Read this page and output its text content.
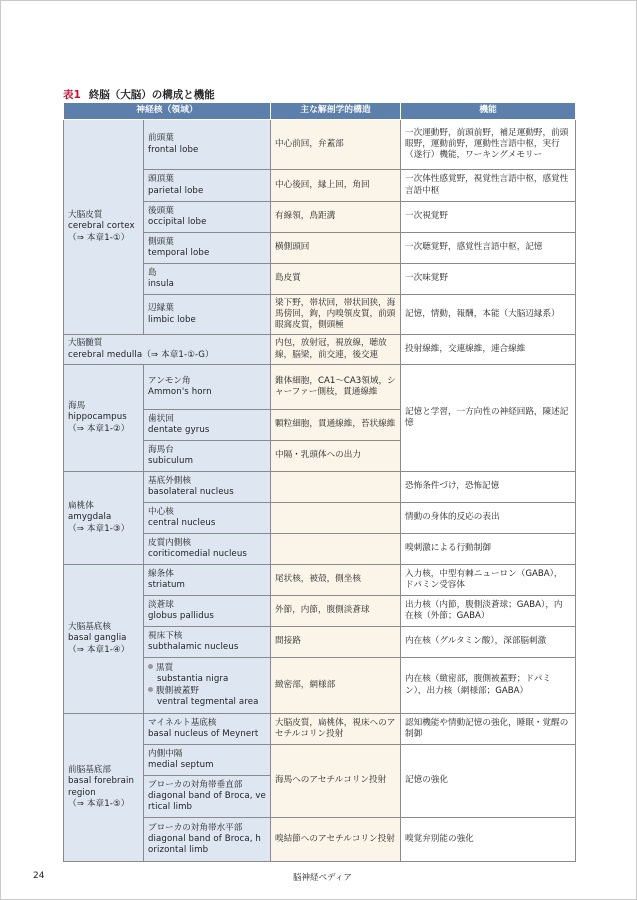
表1 終脳（大脳）の構成と機能
神経核（領域）		主な解剖学的構造	機能
大脳皮質
cerebral cortex
（⇒ 本章1-①）	前頭葉
frontal lobe	中心前回，弁蓋部	一次運動野，前頭前野，補足運動野，前頭眼野，運動前野，運動性言語中枢，実行（遂行）機能，ワーキングメモリー
	頭頂葉
parietal lobe	中心後回，縁上回，角回	一次体性感覚野，視覚性言語中枢，感覚性言語中枢
	後頭葉
occipital lobe	有線領，鳥距溝	一次視覚野
	側頭葉
temporal lobe	横側頭回	一次聴覚野，感覚性言語中枢，記憶
	島
insula	島皮質	一次味覚野
	辺縁葉
limbic lobe	梁下野，帯状回，帯状回狭，海馬傍回，鉤，内嗅領皮質，前頭眼窩皮質，側頭極	記憶，情動，報酬，本能（大脳辺縁系）
大脳髄質
cerebral medulla（⇒ 本章1-①-G）		内包，放射冠，視放線，聴放線，脳梁，前交連，後交連	投射線維，交連線維，連合線維
海馬
hippocampus
（⇒ 本章1-②）	アンモン角
Ammon's horn	錐体細胞，CA1〜CA3領域，シャーファー側枝，貫通線維	記憶と学習，一方向性の神経回路，陳述記憶
	歯状回
dentate gyrus	顆粒細胞，貫通線維，苔状線維	
	海馬台
subiculum	中隔・乳頭体への出力	
扁桃体
amygdala
（⇒ 本章1-③）	基底外側核
basolateral nucleus		恐怖条件づけ，恐怖記憶
	中心核
central nucleus		情動の身体的反応の表出
	皮質内側核
coriticomedial nucleus		嗅刺激による行動制御
大脳基底核
basal ganglia
（⇒ 本章1-④）	線条体
striatum	尾状核，被殻，側坐核	入力核，中型有棘ニューロン（GABA），ドパミン受容体
	淡蒼球
globus pallidus	外節，内節，腹側淡蒼球	出力核（内節，腹側淡蒼球；GABA），内在核（外節；GABA）
	視床下核
subthalamic nucleus	間接路	内在核（グルタミン酸），深部脳刺激
	黒質
substantia nigra
腹側被蓋野
ventral tegmental area	緻密部，網様部	内在核（緻密部，腹側被蓋野；ドパミン），出力核（網様部；GABA）
前脳基底部
basal forebrain region
（⇒ 本章1-⑤）	マイネルト基底核
basal nucleus of Meynert	大脳皮質，扁桃体，視床へのアセチルコリン投射	認知機能や情動記憶の強化，睡眠・覚醒の制御
	内側中隔
medial septum	海馬へのアセチルコリン投射	記憶の強化
	ブローカの対角帯垂直部
diagonal band of Broca, vertical limb		

	ブローカの対角帯水平部
diagonal band of Broca, horizontal limb	嗅結節へのアセチルコリン投射	嗅覚弁別能の強化
24	脳神経ペディア
